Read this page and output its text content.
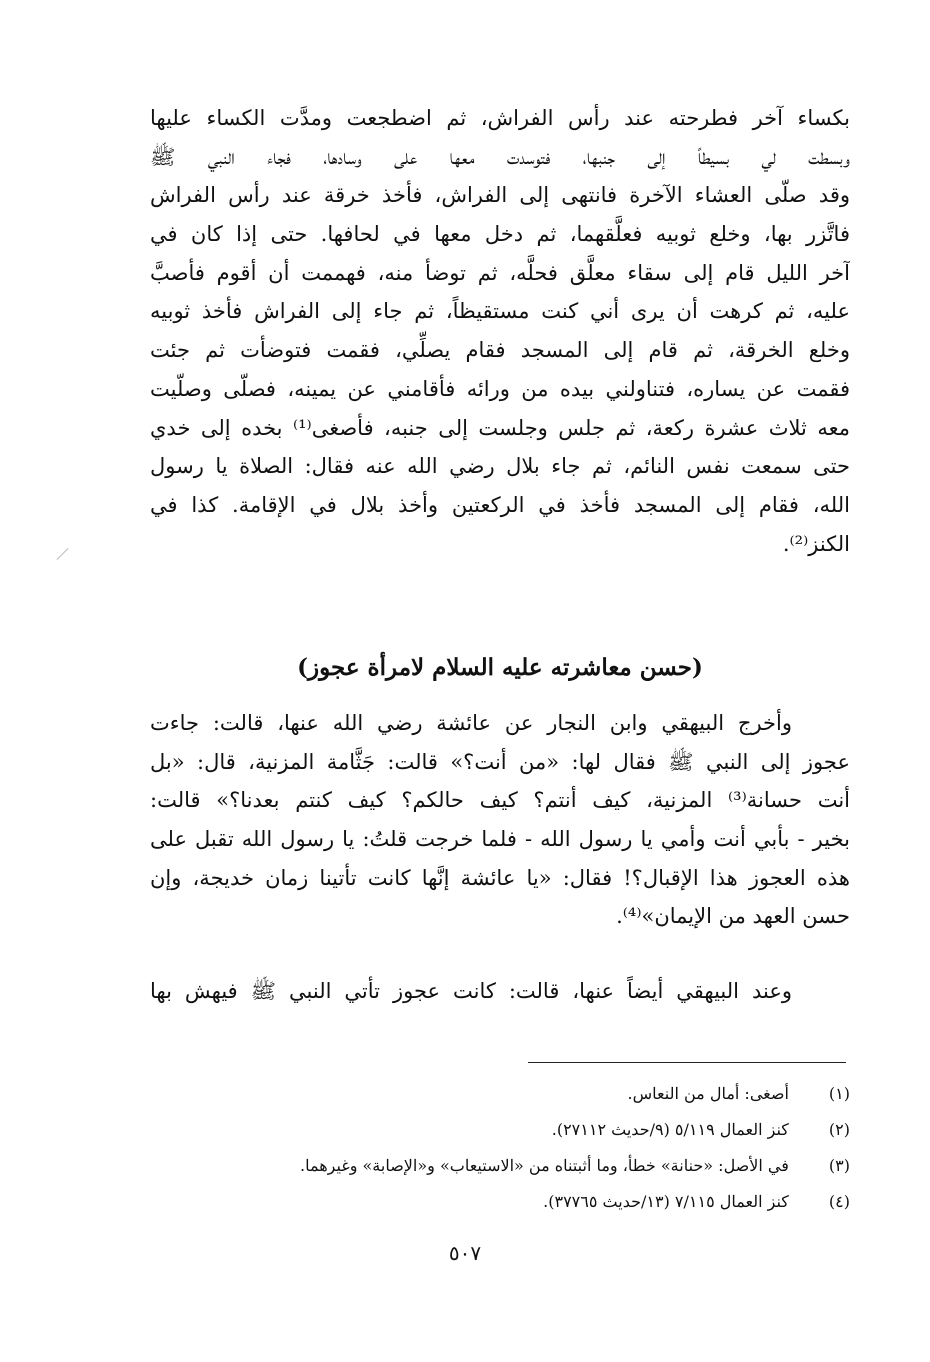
بكساء آخر فطرحته عند رأس الفراش، ثم اضطجعت ومدَّت الكساء عليها
وبسطت لي بسيطاً إلى جنبها، فتوسدت معها على وسادها، فجاء النبي ﷺ
وقد صلّى العشاء الآخرة فانتهى إلى الفراش، فأخذ خرقة عند رأس الفراش
فاتَّزر بها، وخلع ثوبيه فعلَّقهما، ثم دخل معها في لحافها. حتى إذا كان في
آخر الليل قام إلى سقاء معلَّق فحلَّه، ثم توضأ منه، فهممت أن أقوم فأصبَّ
عليه، ثم كرهت أن يرى أني كنت مستقيظاً، ثم جاء إلى الفراش فأخذ ثوبيه
وخلع الخرقة، ثم قام إلى المسجد فقام يصلِّي، فقمت فتوضأت ثم جئت
فقمت عن يساره، فتناولني بيده من ورائه فأقامني عن يمينه، فصلّى وصلّيت
معه ثلاث عشرة ركعة، ثم جلس وجلست إلى جنبه، فأصغى⁽¹⁾ بخده إلى خدي
حتى سمعت نفس النائم، ثم جاء بلال رضي الله عنه فقال: الصلاة يا رسول
الله، فقام إلى المسجد فأخذ في الركعتين وأخذ بلال في الإقامة. كذا في
الكنز⁽²⁾.
(حسن معاشرته عليه السلام لامرأة عجوز)
وأخرج البيهقي وابن النجار عن عائشة رضي الله عنها، قالت: جاءت
عجوز إلى النبي ﷺ فقال لها: «من أنت؟» قالت: جَثَّامة المزنية، قال: «بل
أنت حسانة⁽³⁾ المزنية، كيف أنتم؟ كيف حالكم؟ كيف كنتم بعدنا؟» قالت:
بخير - بأبي أنت وأمي يا رسول الله - فلما خرجت قلتُ: يا رسول الله تقبل على
هذه العجوز هذا الإقبال؟! فقال: «يا عائشة إنَّها كانت تأتينا زمان خديجة، وإن
حسن العهد من الإيمان»⁽⁴⁾.
وعند البيهقي أيضاً عنها، قالت: كانت عجوز تأتي النبي ﷺ فيهش بها
(١) أصغى: أمال من النعاس.
(٢) كنز العمال ٥/١١٩ (٩/حديث ٢٧١١٢).
(٣) في الأصل: «حنانة» خطأ، وما أثبتناه من «الاستيعاب» و«الإصابة» وغيرهما.
(٤) كنز العمال ٧/١١٥ (١٣/حديث ٣٧٧٦٥).
٥٠٧
